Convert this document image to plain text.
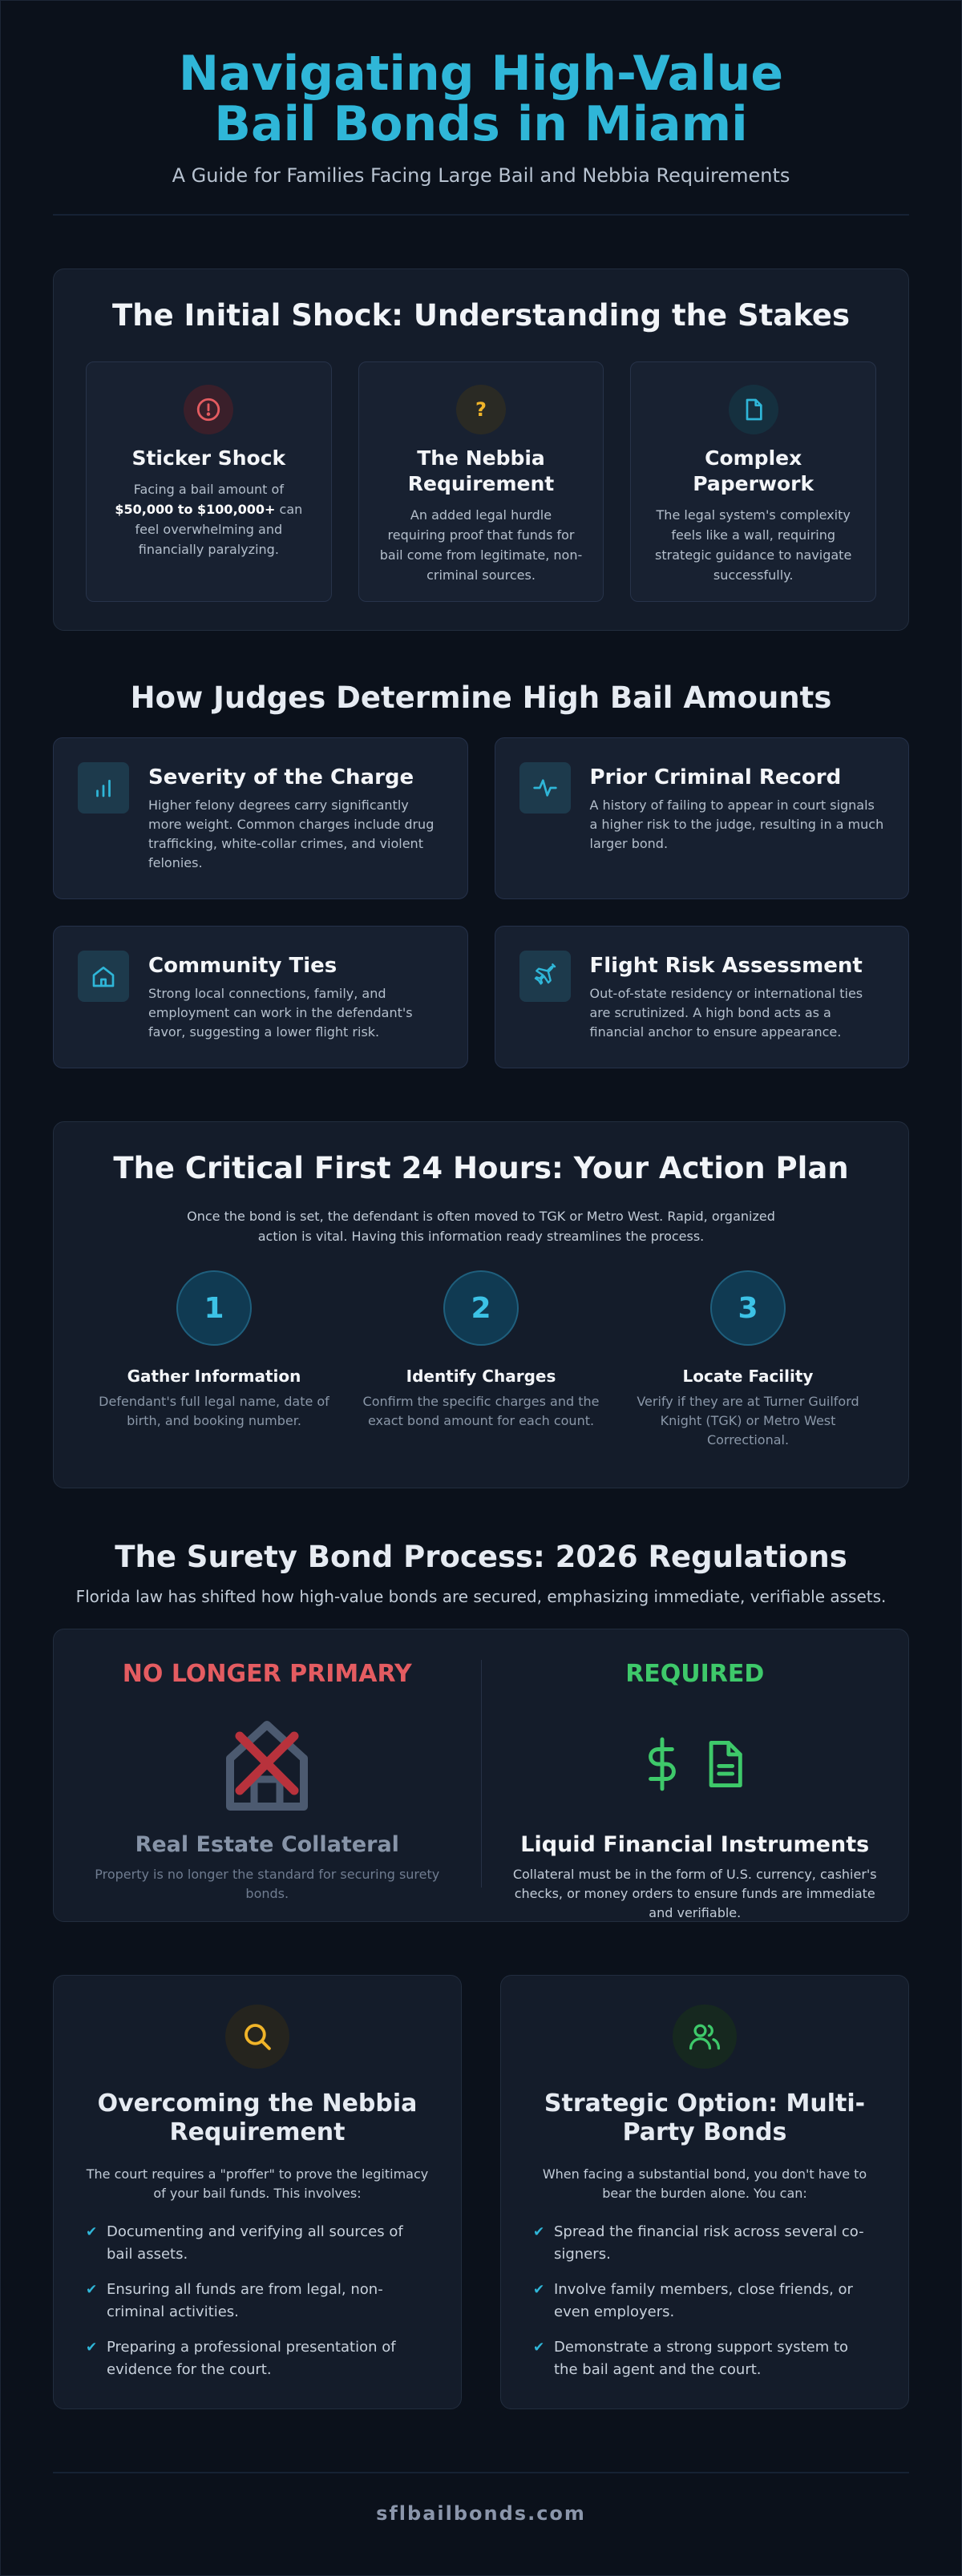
Navigating High-Value Bail Bonds in Miami
A Guide for Families Facing Large Bail and Nebbia Requirements
The Initial Shock: Understanding the Stakes
Sticker Shock
Facing a bail amount of $50,000 to $100,000+ can feel overwhelming and financially paralyzing.
?
The Nebbia Requirement
An added legal hurdle requiring proof that funds for bail come from legitimate, non-criminal sources.
Complex Paperwork
The legal system's complexity feels like a wall, requiring strategic guidance to navigate successfully.
How Judges Determine High Bail Amounts
Severity of the Charge
Higher felony degrees carry significantly more weight. Common charges include drug trafficking, white-collar crimes, and violent felonies.
Prior Criminal Record
A history of failing to appear in court signals a higher risk to the judge, resulting in a much larger bond.
Community Ties
Strong local connections, family, and employment can work in the defendant's favor, suggesting a lower flight risk.
Flight Risk Assessment
Out-of-state residency or international ties are scrutinized. A high bond acts as a financial anchor to ensure appearance.
The Critical First 24 Hours: Your Action Plan
Once the bond is set, the defendant is often moved to TGK or Metro West. Rapid, organized action is vital. Having this information ready streamlines the process.
1
Gather Information
Defendant's full legal name, date of birth, and booking number.
2
Identify Charges
Confirm the specific charges and the exact bond amount for each count.
3
Locate Facility
Verify if they are at Turner Guilford Knight (TGK) or Metro West Correctional.
The Surety Bond Process: 2026 Regulations
Florida law has shifted how high-value bonds are secured, emphasizing immediate, verifiable assets.
NO LONGER PRIMARY
Real Estate Collateral
Property is no longer the standard for securing surety bonds.
REQUIRED
Liquid Financial Instruments
Collateral must be in the form of U.S. currency, cashier's checks, or money orders to ensure funds are immediate and verifiable.
Overcoming the Nebbia Requirement
The court requires a "proffer" to prove the legitimacy of your bail funds. This involves:
✔ Documenting and verifying all sources of bail assets.
✔ Ensuring all funds are from legal, non-criminal activities.
✔ Preparing a professional presentation of evidence for the court.
Strategic Option: Multi-Party Bonds
When facing a substantial bond, you don't have to bear the burden alone. You can:
✔ Spread the financial risk across several co-signers.
✔ Involve family members, close friends, or even employers.
✔ Demonstrate a strong support system to the bail agent and the court.
sflbailbonds.com
